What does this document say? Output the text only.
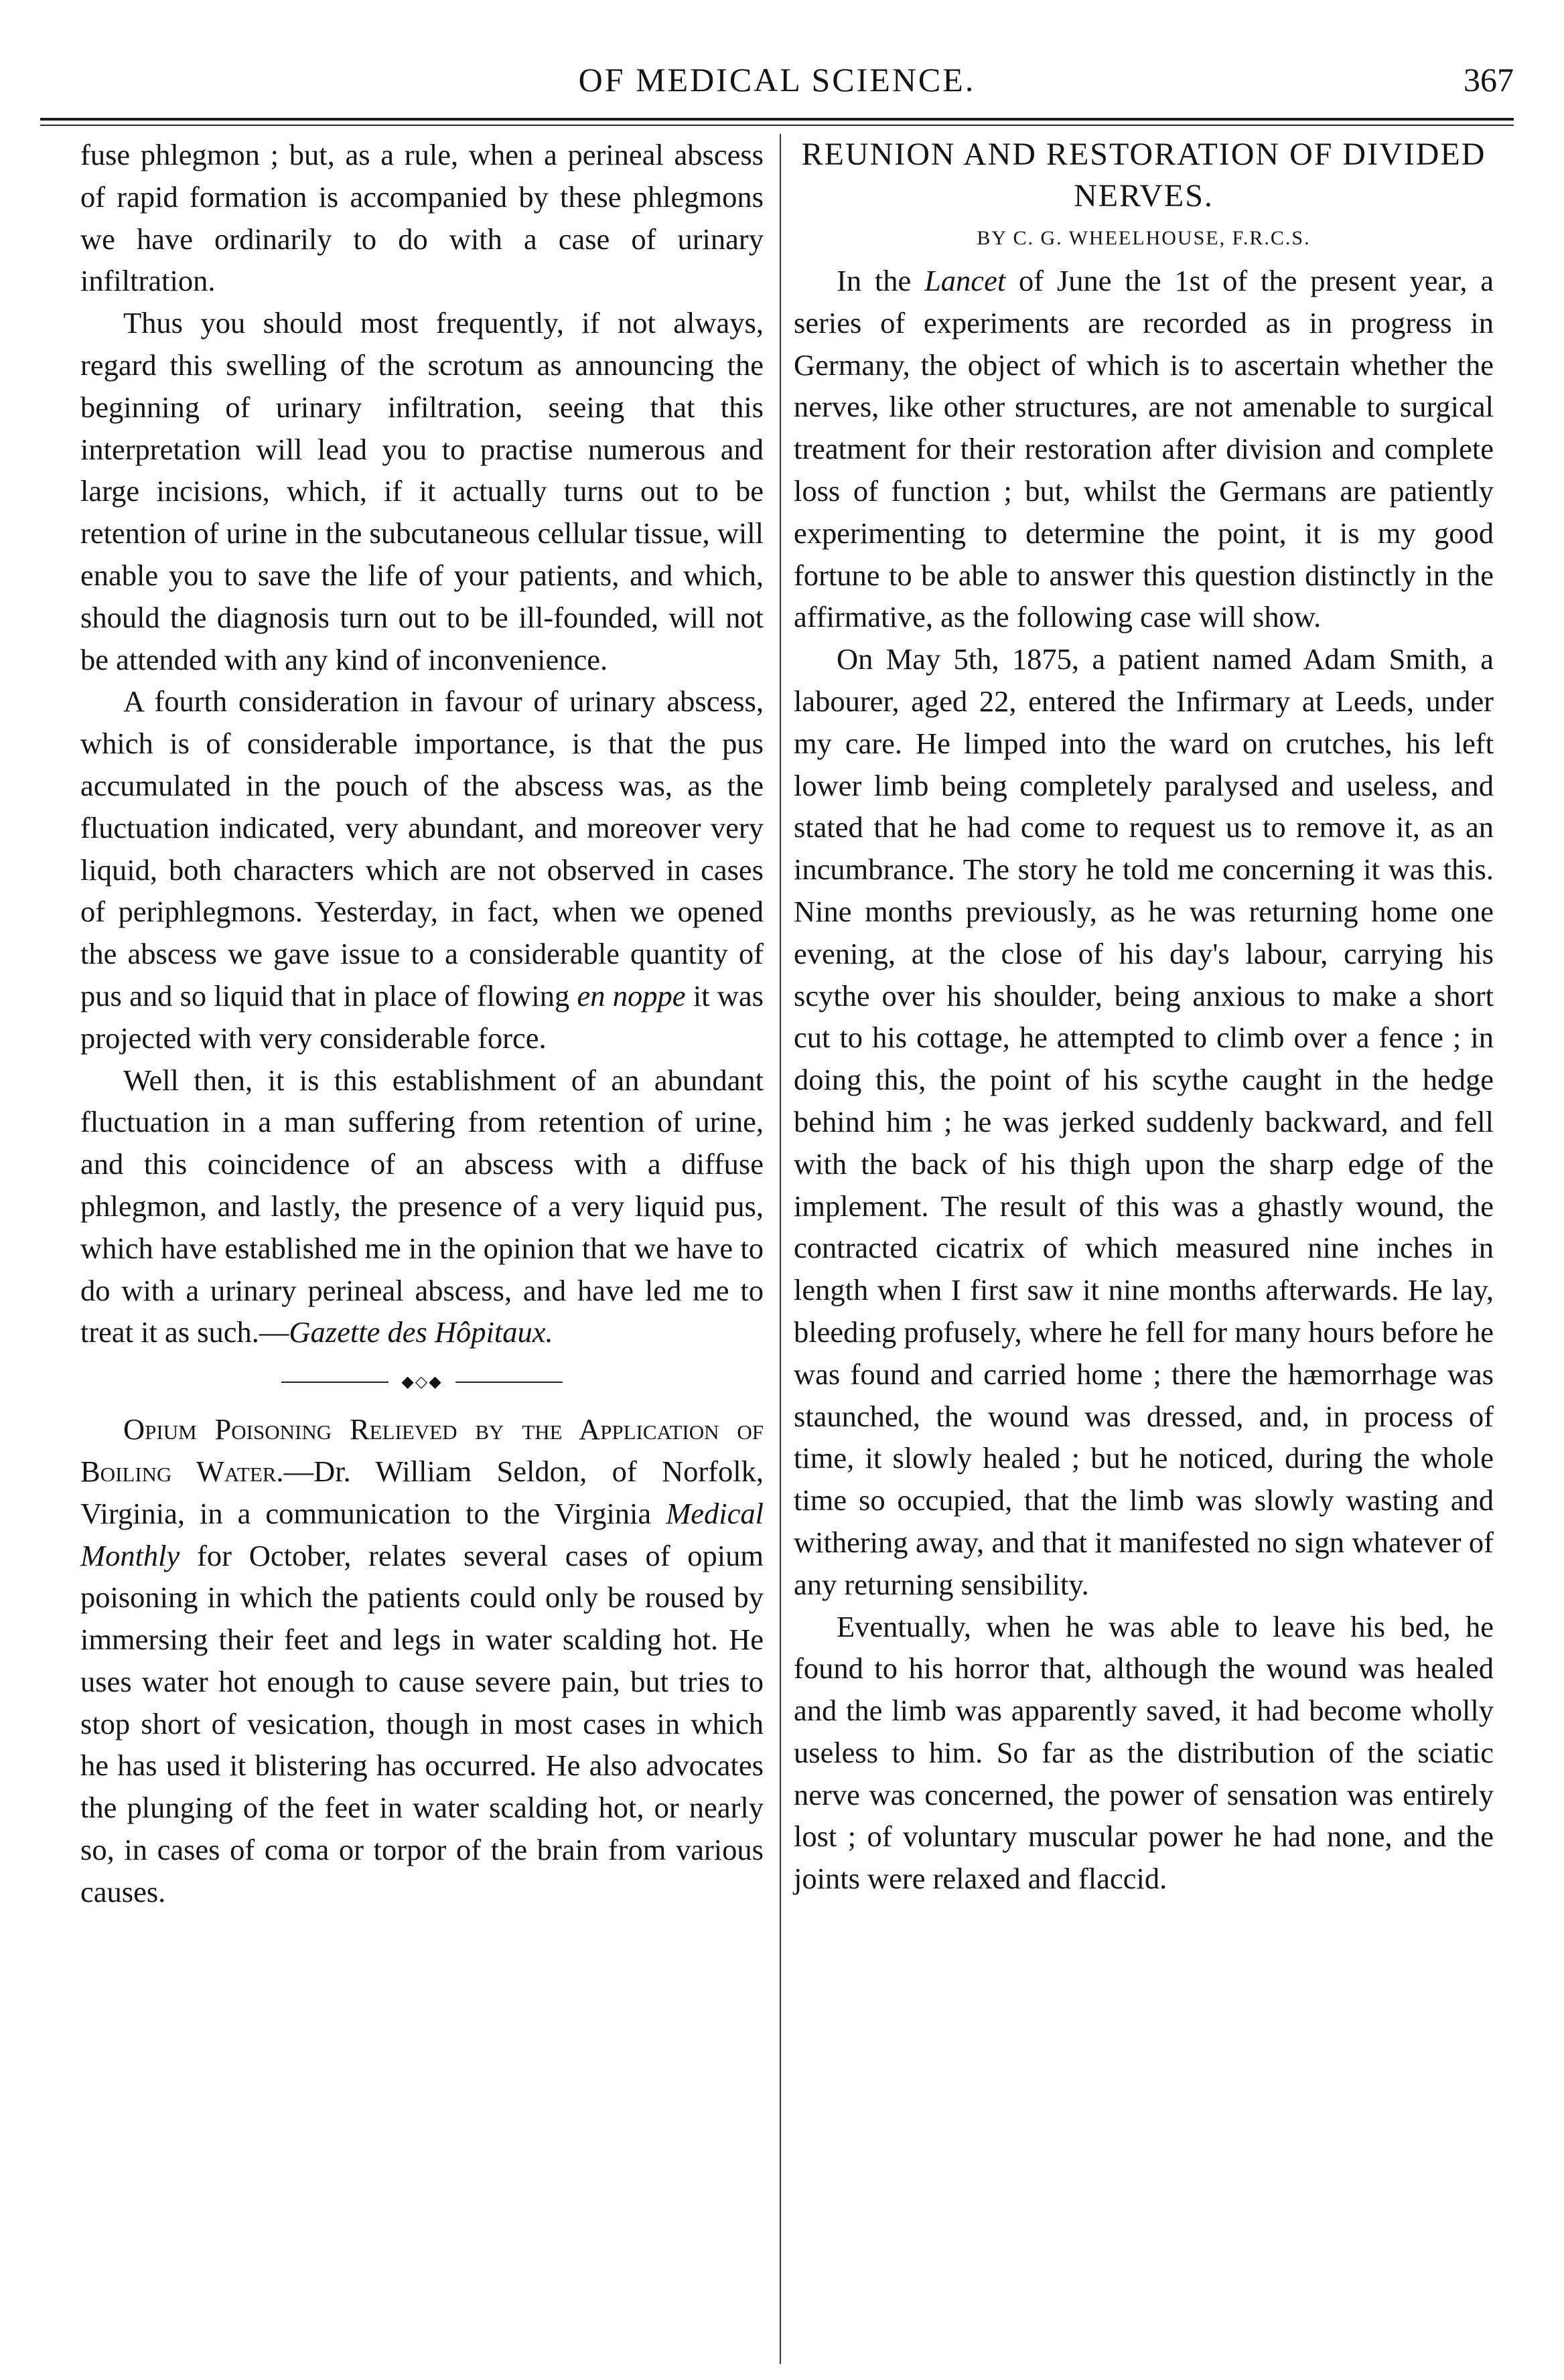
OF MEDICAL SCIENCE.	367

fuse phlegmon ; but, as a rule, when a perineal abscess of rapid formation is accompanied by these phlegmons we have ordinarily to do with a case of urinary infiltration.

Thus you should most frequently, if not always, regard this swelling of the scrotum as announcing the beginning of urinary infiltration, seeing that this interpretation will lead you to practise numerous and large incisions, which, if it actually turns out to be retention of urine in the subcutaneous cellular tissue, will enable you to save the life of your patients, and which, should the diagnosis turn out to be ill-founded, will not be attended with any kind of inconvenience.

A fourth consideration in favour of urinary abscess, which is of considerable importance, is that the pus accumulated in the pouch of the abscess was, as the fluctuation indicated, very abundant, and moreover very liquid, both characters which are not observed in cases of periphlegmons. Yesterday, in fact, when we opened the abscess we gave issue to a considerable quantity of pus and so liquid that in place of flowing en noppe it was projected with very considerable force.

Well then, it is this establishment of an abundant fluctuation in a man suffering from retention of urine, and this coincidence of an abscess with a diffuse phlegmon, and lastly, the presence of a very liquid pus, which have established me in the opinion that we have to do with a urinary perineal abscess, and have led me to treat it as such.—Gazette des Hôpitaux.

◆◇◆

Opium Poisoning Relieved by the Application of Boiling Water.—Dr. William Seldon, of Norfolk, Virginia, in a communication to the Virginia Medical Monthly for October, relates several cases of opium poisoning in which the patients could only be roused by immersing their feet and legs in water scalding hot. He uses water hot enough to cause severe pain, but tries to stop short of vesication, though in most cases in which he has used it blistering has occurred. He also advocates the plunging of the feet in water scalding hot, or nearly so, in cases of coma or torpor of the brain from various causes.

REUNION AND RESTORATION OF DIVIDED NERVES.

BY C. G. WHEELHOUSE, F.R.C.S.

In the Lancet of June the 1st of the present year, a series of experiments are recorded as in progress in Germany, the object of which is to ascertain whether the nerves, like other structures, are not amenable to surgical treatment for their restoration after division and complete loss of function ; but, whilst the Germans are patiently experimenting to determine the point, it is my good fortune to be able to answer this question distinctly in the affirmative, as the following case will show.

On May 5th, 1875, a patient named Adam Smith, a labourer, aged 22, entered the Infirmary at Leeds, under my care. He limped into the ward on crutches, his left lower limb being completely paralysed and useless, and stated that he had come to request us to remove it, as an incumbrance. The story he told me concerning it was this. Nine months previously, as he was returning home one evening, at the close of his day's labour, carrying his scythe over his shoulder, being anxious to make a short cut to his cottage, he attempted to climb over a fence ; in doing this, the point of his scythe caught in the hedge behind him ; he was jerked suddenly backward, and fell with the back of his thigh upon the sharp edge of the implement. The result of this was a ghastly wound, the contracted cicatrix of which measured nine inches in length when I first saw it nine months afterwards. He lay, bleeding profusely, where he fell for many hours before he was found and carried home ; there the hæmorrhage was staunched, the wound was dressed, and, in process of time, it slowly healed ; but he noticed, during the whole time so occupied, that the limb was slowly wasting and withering away, and that it manifested no sign whatever of any returning sensibility.

Eventually, when he was able to leave his bed, he found to his horror that, although the wound was healed and the limb was apparently saved, it had become wholly useless to him. So far as the distribution of the sciatic nerve was concerned, the power of sensation was entirely lost ; of voluntary muscular power he had none, and the joints were relaxed and flaccid.
